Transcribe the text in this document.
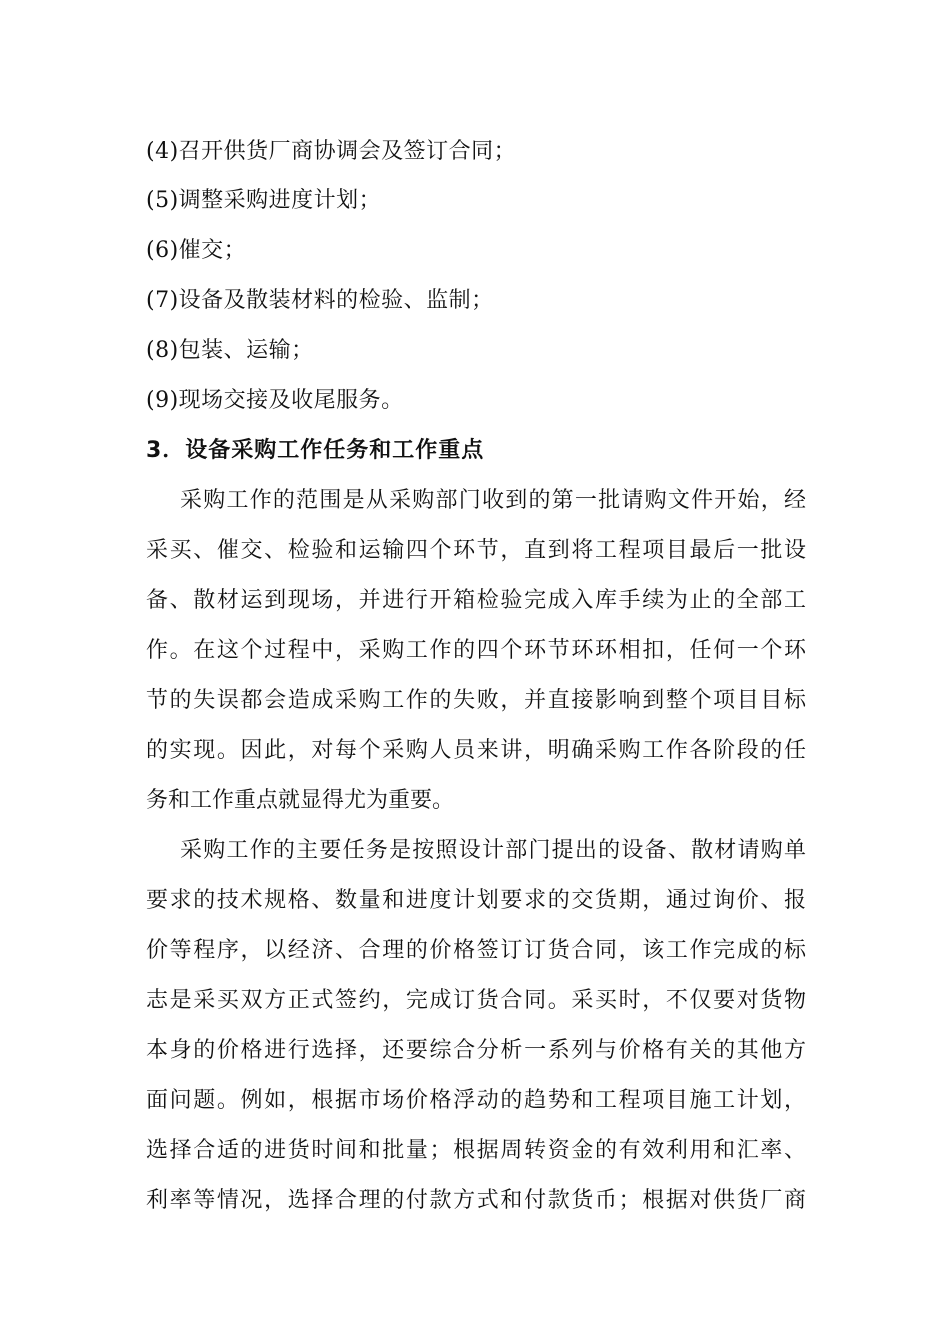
(4)召开供货厂商协调会及签订合同；
(5)调整采购进度计划；
(6)催交；
(7)设备及散装材料的检验、监制；
(8)包装、运输；
(9)现场交接及收尾服务。
3．设备采购工作任务和工作重点
采购工作的范围是从采购部门收到的第一批请购文件开始，经
采买、催交、检验和运输四个环节，直到将工程项目最后一批设
备、散材运到现场，并进行开箱检验完成入库手续为止的全部工
作。在这个过程中，采购工作的四个环节环环相扣，任何一个环
节的失误都会造成采购工作的失败，并直接影响到整个项目目标
的实现。因此，对每个采购人员来讲，明确采购工作各阶段的任
务和工作重点就显得尤为重要。
采购工作的主要任务是按照设计部门提出的设备、散材请购单
要求的技术规格、数量和进度计划要求的交货期，通过询价、报
价等程序，以经济、合理的价格签订订货合同，该工作完成的标
志是采买双方正式签约，完成订货合同。采买时，不仅要对货物
本身的价格进行选择，还要综合分析一系列与价格有关的其他方
面问题。例如，根据市场价格浮动的趋势和工程项目施工计划，
选择合适的进货时间和批量；根据周转资金的有效利用和汇率、
利率等情况，选择合理的付款方式和付款货币；根据对供货厂商
